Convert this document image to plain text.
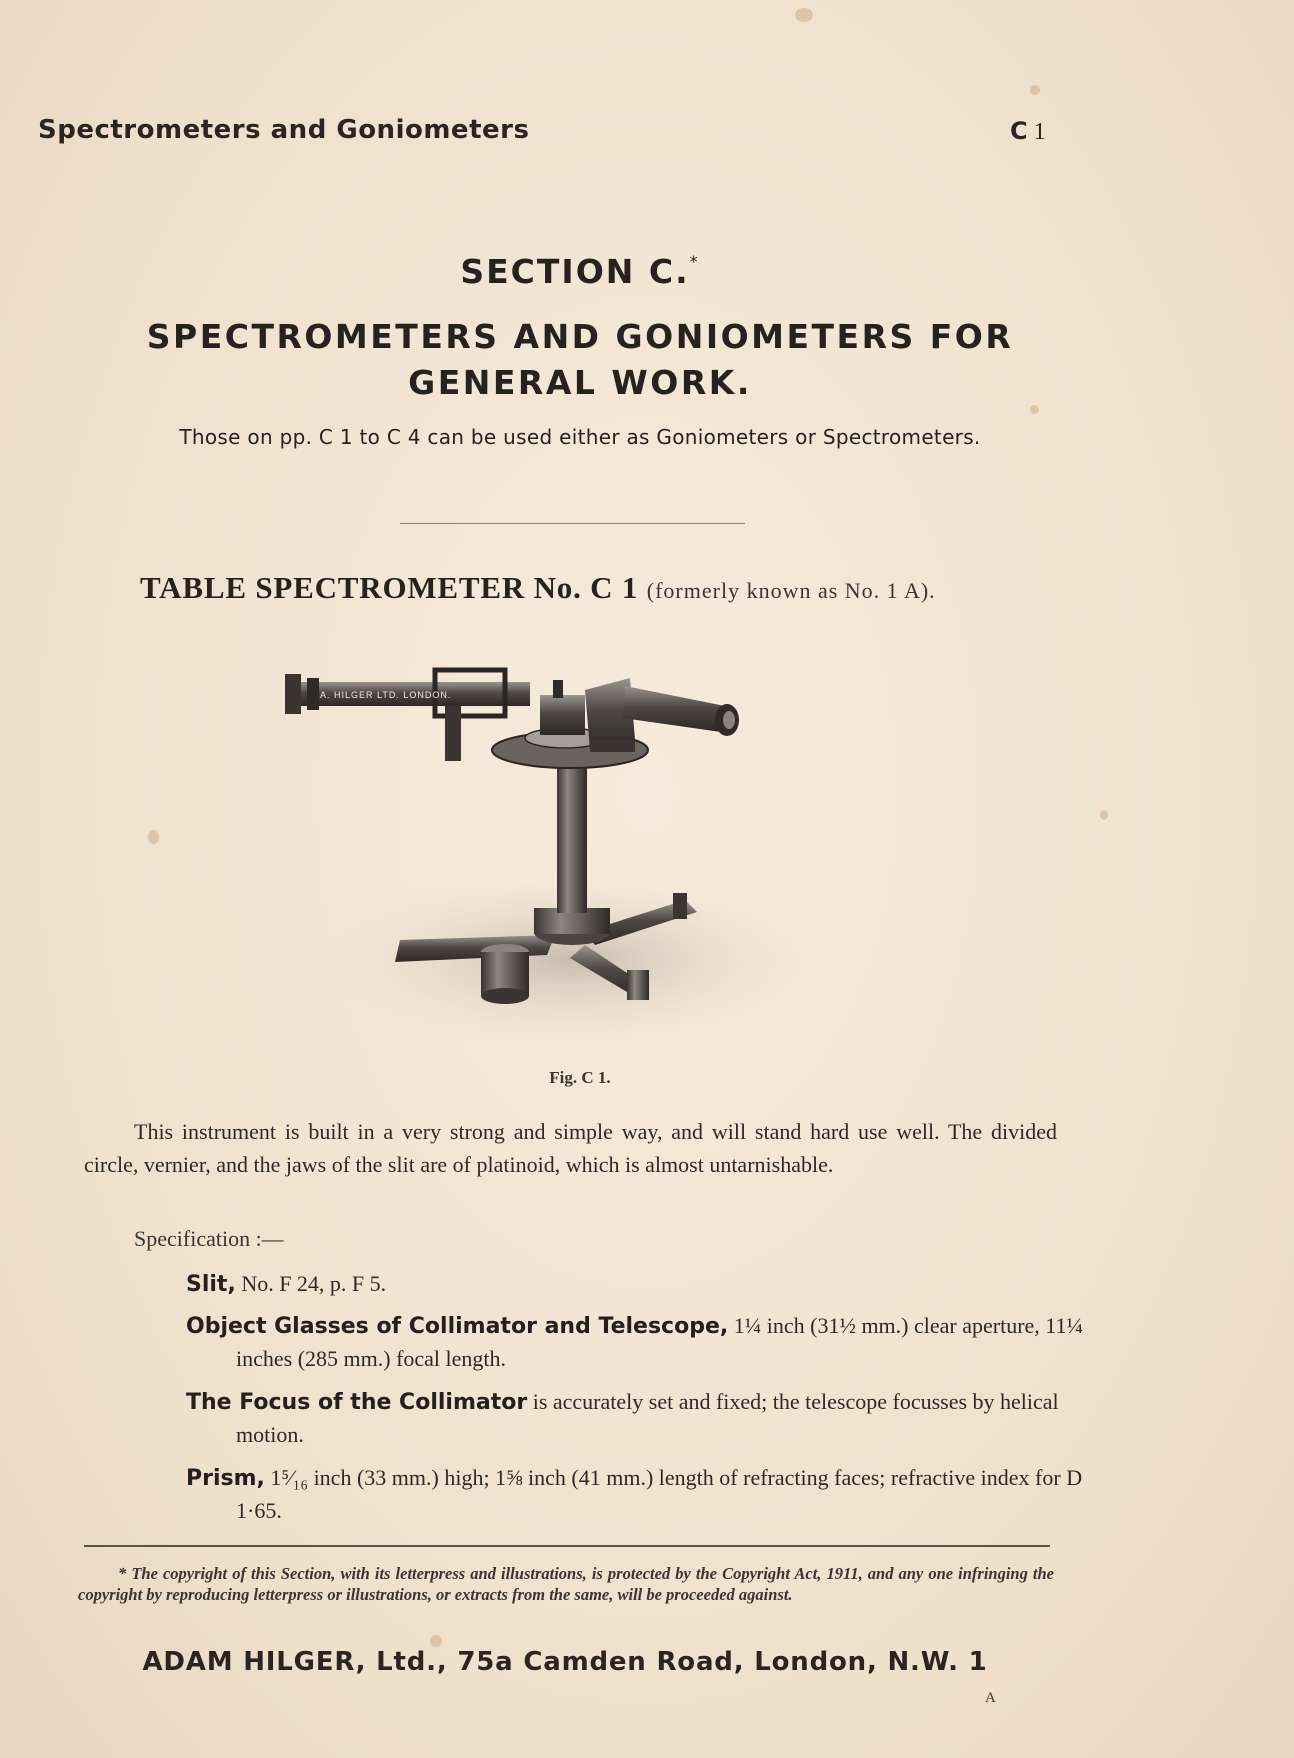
Spectrometers and Goniometers	C 1
SECTION C.*
SPECTROMETERS AND GONIOMETERS FOR
GENERAL WORK.
Those on pp. C 1 to C 4 can be used either as Goniometers or Spectrometers.
TABLE SPECTROMETER No. C 1 (formerly known as No. 1 A).
A. HILGER LTD. LONDON.
Fig. C 1.
This instrument is built in a very strong and simple way, and will stand hard use well. The divided circle, vernier, and the jaws of the slit are of platinoid, which is almost untarnishable.
Specification :—
Slit, No. F 24, p. F 5.
Object Glasses of Collimator and Telescope, 1¼ inch (31½ mm.) clear aperture, 11¼ inches (285 mm.) focal length.
The Focus of the Collimator is accurately set and fixed; the telescope focusses by helical motion.
Prism, 1⁵⁄₁₆ inch (33 mm.) high; 1⅝ inch (41 mm.) length of refracting faces; refractive index for D 1·65.
* The copyright of this Section, with its letterpress and illustrations, is protected by the Copyright Act, 1911, and any one infringing the copyright by reproducing letterpress or illustrations, or extracts from the same, will be proceeded against.
ADAM HILGER, Ltd., 75a Camden Road, London, N.W. 1
A
